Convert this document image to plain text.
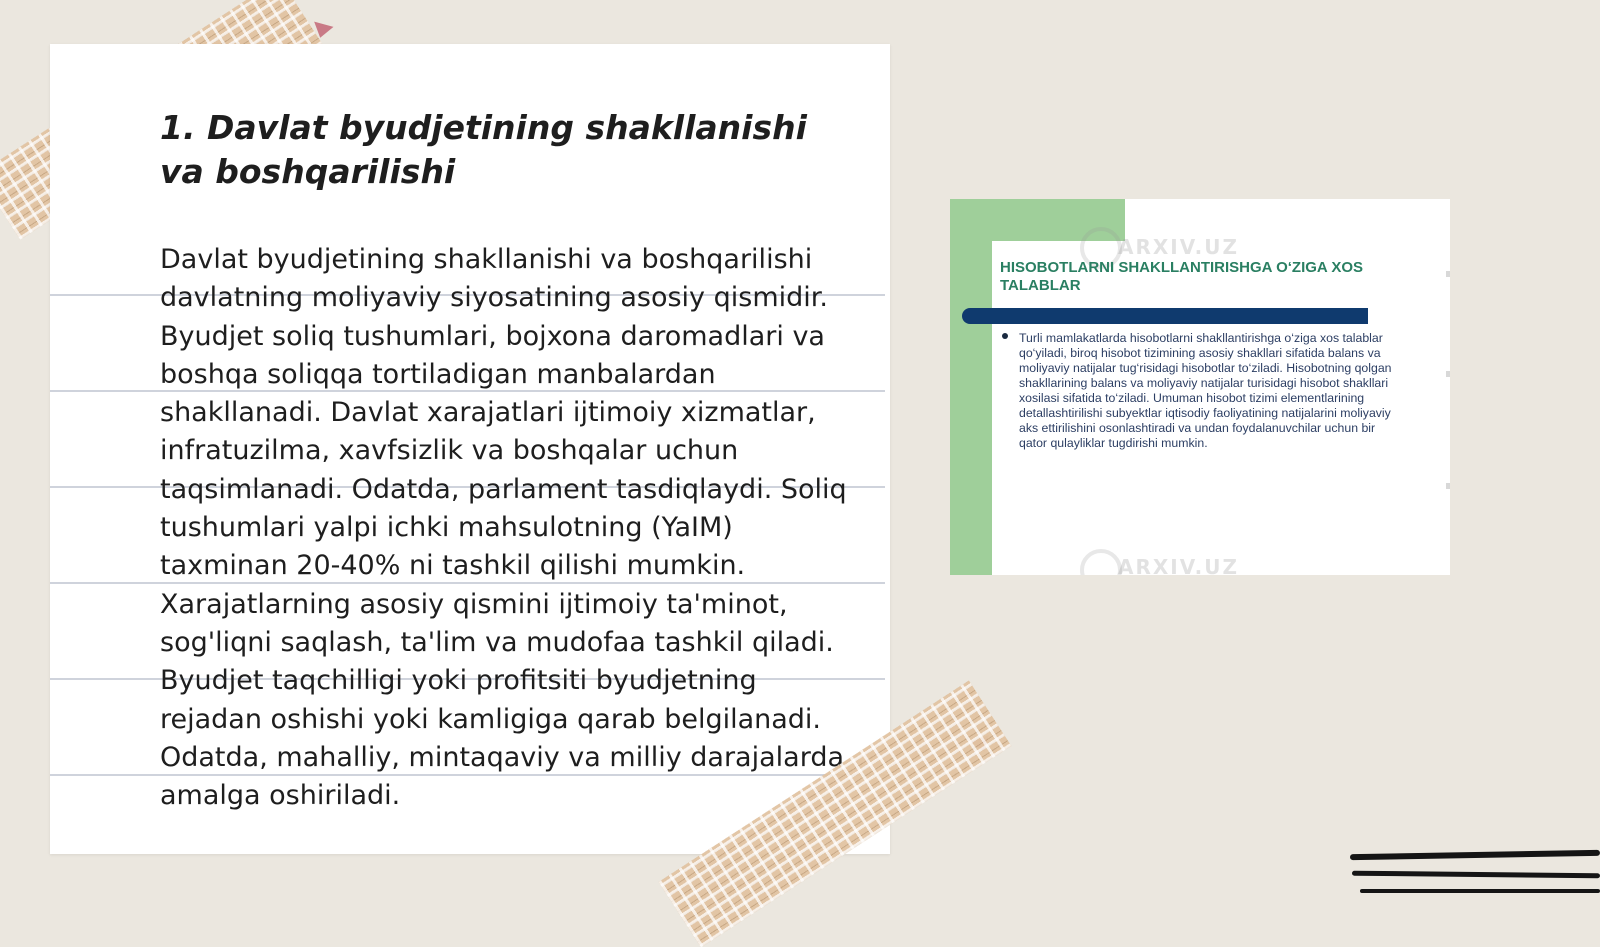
1. Davlat byudjetining shakllanishi va boshqarilishi

Davlat byudjetining shakllanishi va boshqarilishi davlatning moliyaviy siyosatining asosiy qismidir. Byudjet soliq tushumlari, bojxona daromadlari va boshqa soliqqa tortiladigan manbalardan shakllanadi. Davlat xarajatlari ijtimoiy xizmatlar, infratuzilma, xavfsizlik va boshqalar uchun taqsimlanadi. Odatda, parlament tasdiqlaydi. Soliq tushumlari yalpi ichki mahsulotning (YaIM) taxminan 20-40% ni tashkil qilishi mumkin. Xarajatlarning asosiy qismini ijtimoiy ta'minot, sog'liqni saqlash, ta'lim va mudofaa tashkil qiladi. Byudjet taqchilligi yoki profitsiti byudjetning rejadan oshishi yoki kamligiga qarab belgilanadi. Odatda, mahalliy, mintaqaviy va milliy darajalarda amalga oshiriladi.

ARXIV.UZ
ARXIV.UZ
HISOBOTLARNI SHAKLLANTIRISHGA O‘ZIGA XOS TALABLAR

Turli mamlakatlarda hisobotlarni shakllantirishga o‘ziga xos talablar qo‘yiladi, biroq hisobot tizimining asosiy shakllari sifatida balans va moliyaviy natijalar tug‘risidagi hisobotlar to‘ziladi. Hisobotning qolgan shakllarining balans va moliyaviy natijalar turisidagi hisobot shakllari xosilasi sifatida to‘ziladi. Umuman hisobot tizimi elementlarining detallashtirilishi subyektlar iqtisodiy faoliyatining natijalarini moliyaviy aks ettirilishini osonlashtiradi va undan foydalanuvchilar uchun bir qator qulayliklar tugdirishi mumkin.
